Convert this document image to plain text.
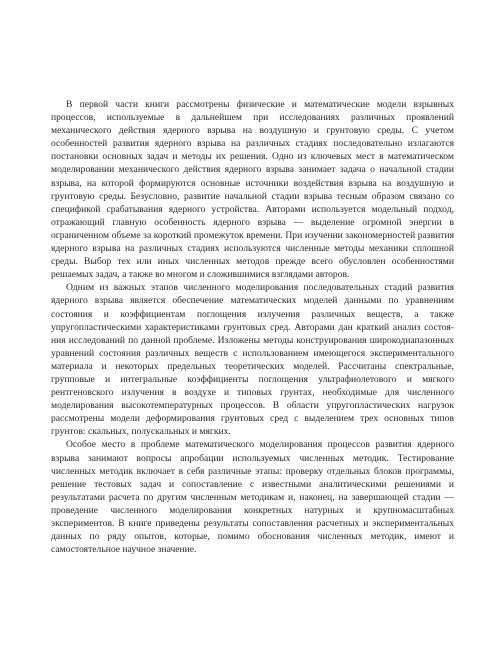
В первой части книги рассмотрены физические и математические модели взрывных процессов, используемые в дальнейшем при исследованиях различных проявлений механического действия ядерного взрыва на воздушную и грунтовую среды. С учетом особенностей развития ядерного взрыва на различных стадиях последовательно излагаются постановки основных задач и методы их решения. Одно из ключевых мест в математическом моделировании механического действия ядерного взрыва занимает задача о начальной стадии взрыва, на которой формируются основные источники воздействия взрыва на воздушную и грунтовую среды. Безусловно, развитие начальной стадии взрыва тесным образом связано со спецификой срабатывания ядерного устройства. Авторами используется модельный подход, отражающий главную особенность ядерного взрыва — выделение огромной энергии в ограниченном объеме за короткий промежуток времени. При изучении закономерностей развития ядерного взрыва на различных стадиях используются численные методы механики сплошной среды. Выбор тех или иных численных методов прежде всего обусловлен особенностями решаемых задач, а также во многом и сложившимися взглядами авторов.

Одним из важных этапов численного моделирования последовательных стадий развития ядерного взрыва является обеспечение математических моделей данными по уравнениям состояния и коэффициентам поглощения излучения различных веществ, а также упругопластическими характеристиками грунтовых сред. Авторами дан краткий анализ состояния исследований по данной проблеме. Изложены методы конструирования широкодиапазонных уравнений состояния различных веществ с использованием имеющегося экспериментального материала и некоторых предельных теоретических моделей. Рассчитаны спектральные, групповые и интегральные коэффициенты поглощения ультрафиолетового и мягкого рентгеновского излучения в воздухе и типовых грунтах, необходимые для численного моделирования высокотемпературных процессов. В области упругопластических нагрузок рассмотрены модели деформирования грунтовых сред с выделением трех основных типов грунтов: скальных, полускальных и мягких.

Особое место в проблеме математического моделирования процессов развития ядерного взрыва занимают вопросы апробации используемых численных методик. Тестирование численных методик включает в себя различные этапы: проверку отдельных блоков программы, решение тестовых задач и сопоставление с известными аналитическими решениями и результатами расчета по другим численным методикам и, наконец, на завершающей стадии — проведение численного моделирования конкретных натурных и крупномасштабных экспериментов. В книге приведены результаты сопоставления расчетных и экспериментальных данных по ряду опытов, которые, помимо обоснования численных методик, имеют и самостоятельное научное значение.
